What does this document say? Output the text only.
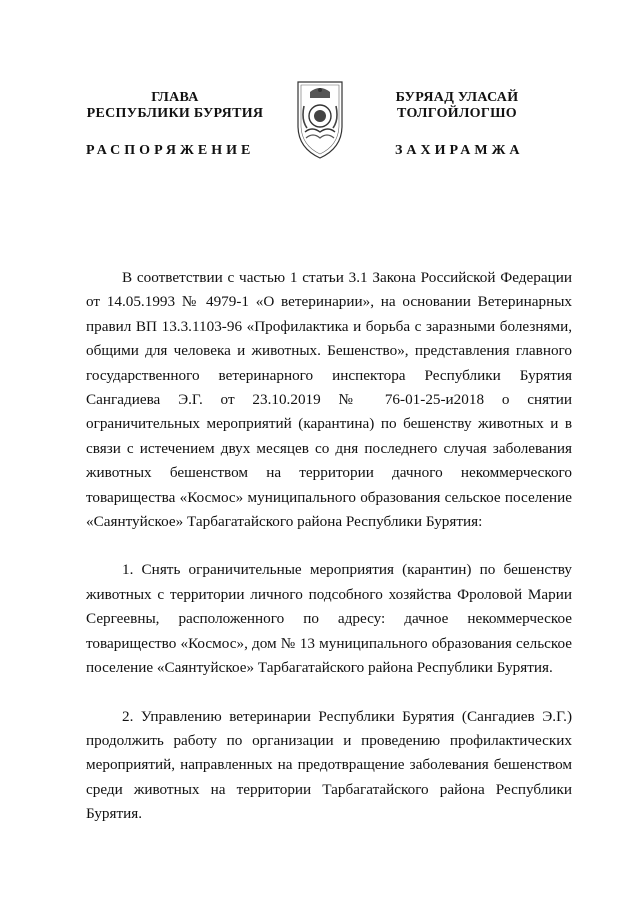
ГЛАВА
РЕСПУБЛИКИ БУРЯТИЯ
БУРЯАД УЛАСАЙ
ТОЛГОЙЛОГШО
РАСПОРЯЖЕНИЕ	ЗАХИРАМЖА

В соответствии с частью 1 статьи 3.1 Закона Российской Федерации от 14.05.1993 № 4979-1 «О ветеринарии», на основании Ветеринарных правил ВП 13.3.1103-96 «Профилактика и борьба с заразными болезнями, общими для человека и животных. Бешенство», представления главного государственного ветеринарного инспектора Республики Бурятия Сангадиева Э.Г. от 23.10.2019 № 76-01-25-и2018 о снятии ограничительных мероприятий (карантина) по бешенству животных и в связи с истечением двух месяцев со дня последнего случая заболевания животных бешенством на территории дачного некоммерческого товарищества «Космос» муниципального образования сельское поселение «Саянтуйское» Тарбагатайского района Республики Бурятия:

1. Снять ограничительные мероприятия (карантин) по бешенству животных с территории личного подсобного хозяйства Фроловой Марии Сергеевны, расположенного по адресу: дачное некоммерческое товарищество «Космос», дом № 13 муниципального образования сельское поселение «Саянтуйское» Тарбагатайского района Республики Бурятия.

2. Управлению ветеринарии Республики Бурятия (Сангадиев Э.Г.) продолжить работу по организации и проведению профилактических мероприятий, направленных на предотвращение заболевания бешенством среди животных на территории Тарбагатайского района Республики Бурятия.
